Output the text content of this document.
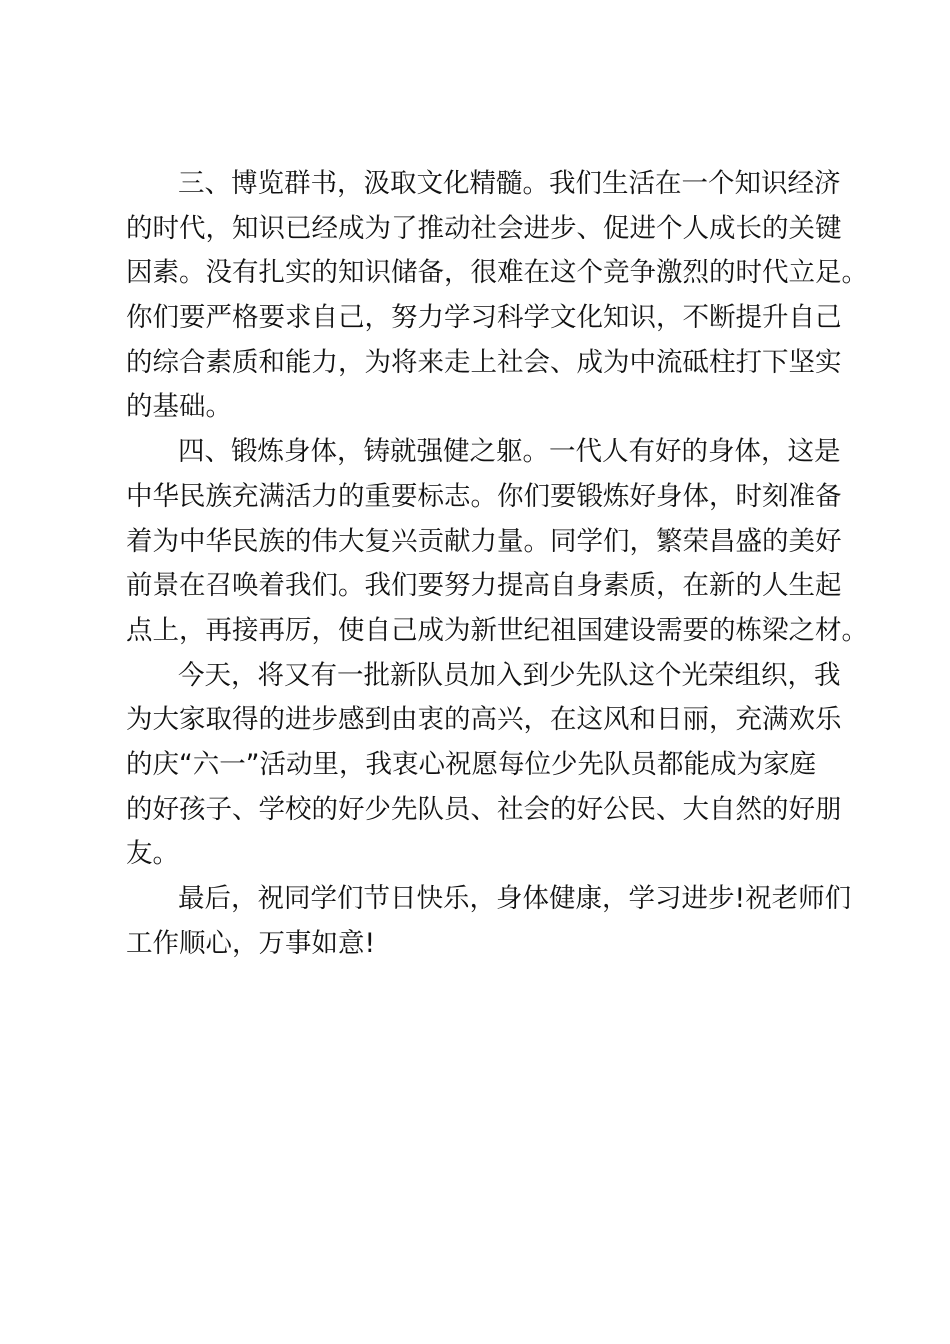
三、博览群书，汲取文化精髓。我们生活在一个知识经济
的时代，知识已经成为了推动社会进步、促进个人成长的关键
因素。没有扎实的知识储备，很难在这个竞争激烈的时代立足。
你们要严格要求自己，努力学习科学文化知识，不断提升自己
的综合素质和能力，为将来走上社会、成为中流砥柱打下坚实
的基础。
四、锻炼身体，铸就强健之躯。一代人有好的身体，这是
中华民族充满活力的重要标志。你们要锻炼好身体，时刻准备
着为中华民族的伟大复兴贡献力量。同学们，繁荣昌盛的美好
前景在召唤着我们。我们要努力提高自身素质，在新的人生起
点上，再接再厉，使自己成为新世纪祖国建设需要的栋梁之材。
今天，将又有一批新队员加入到少先队这个光荣组织，我
为大家取得的进步感到由衷的高兴，在这风和日丽，充满欢乐
的庆“六一”活动里，我衷心祝愿每位少先队员都能成为家庭
的好孩子、学校的好少先队员、社会的好公民、大自然的好朋
友。
最后，祝同学们节日快乐，身体健康，学习进步!祝老师们
工作顺心，万事如意!
